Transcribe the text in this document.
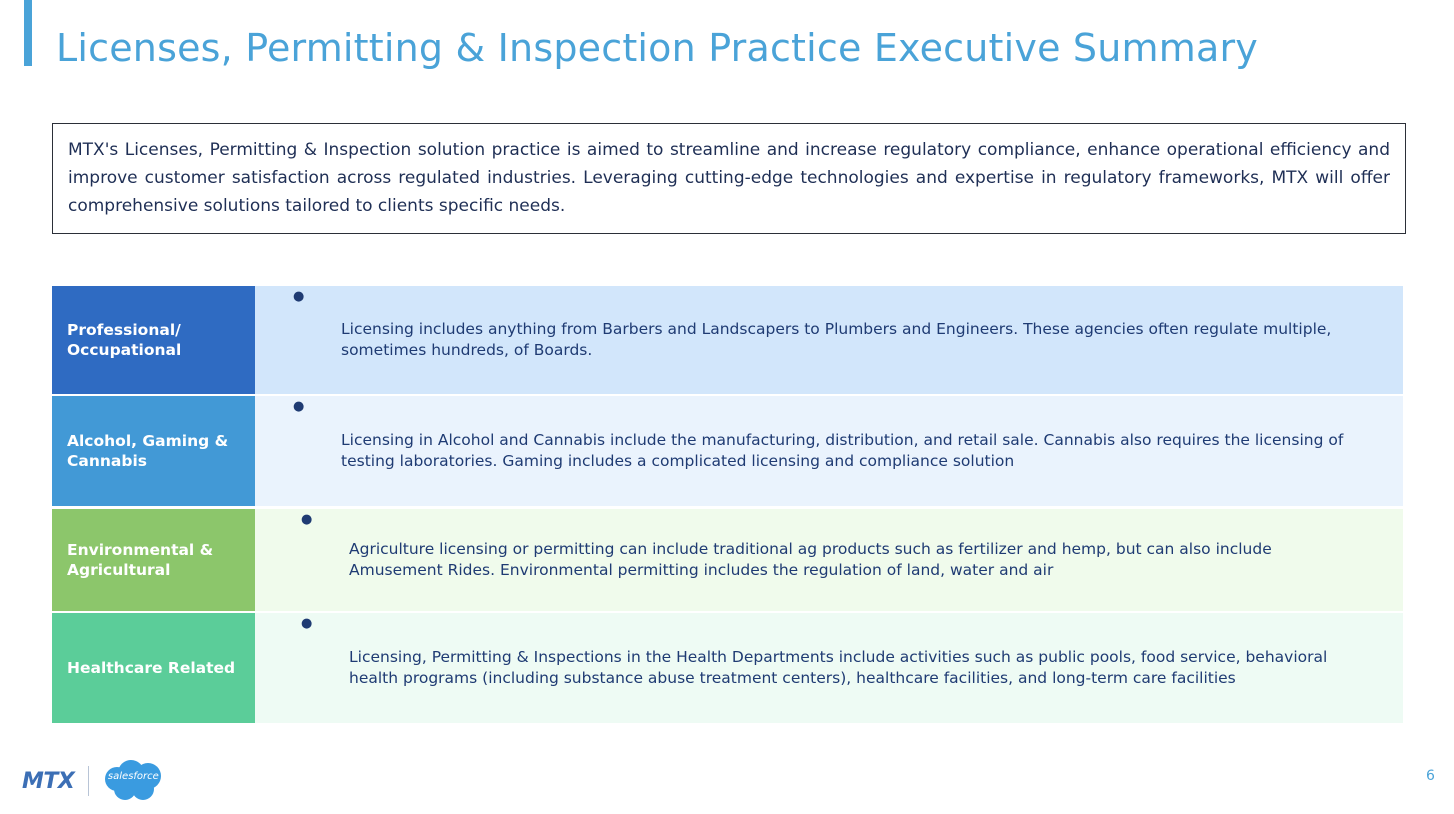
Licenses, Permitting & Inspection Practice Executive Summary
MTX's Licenses, Permitting & Inspection solution practice is aimed to streamline and increase regulatory compliance, enhance operational efficiency and improve customer satisfaction across regulated industries. Leveraging cutting-edge technologies and expertise in regulatory frameworks, MTX will offer comprehensive solutions tailored to clients specific needs.
Professional/ Occupational
●
Licensing includes anything from Barbers and Landscapers to Plumbers and Engineers. These agencies often regulate multiple, sometimes hundreds, of Boards.
Alcohol, Gaming & Cannabis
●
Licensing in Alcohol and Cannabis include the manufacturing, distribution, and retail sale. Cannabis also requires the licensing of testing laboratories. Gaming includes a complicated licensing and compliance solution
Environmental & Agricultural
●
Agriculture licensing or permitting can include traditional ag products such as fertilizer and hemp, but can also include Amusement Rides. Environmental permitting includes the regulation of land, water and air
Healthcare Related
●
Licensing, Permitting & Inspections in the Health Departments include activities such as public pools, food service, behavioral health programs (including substance abuse treatment centers), healthcare facilities, and long-term care facilities
MTX	salesforce	6
